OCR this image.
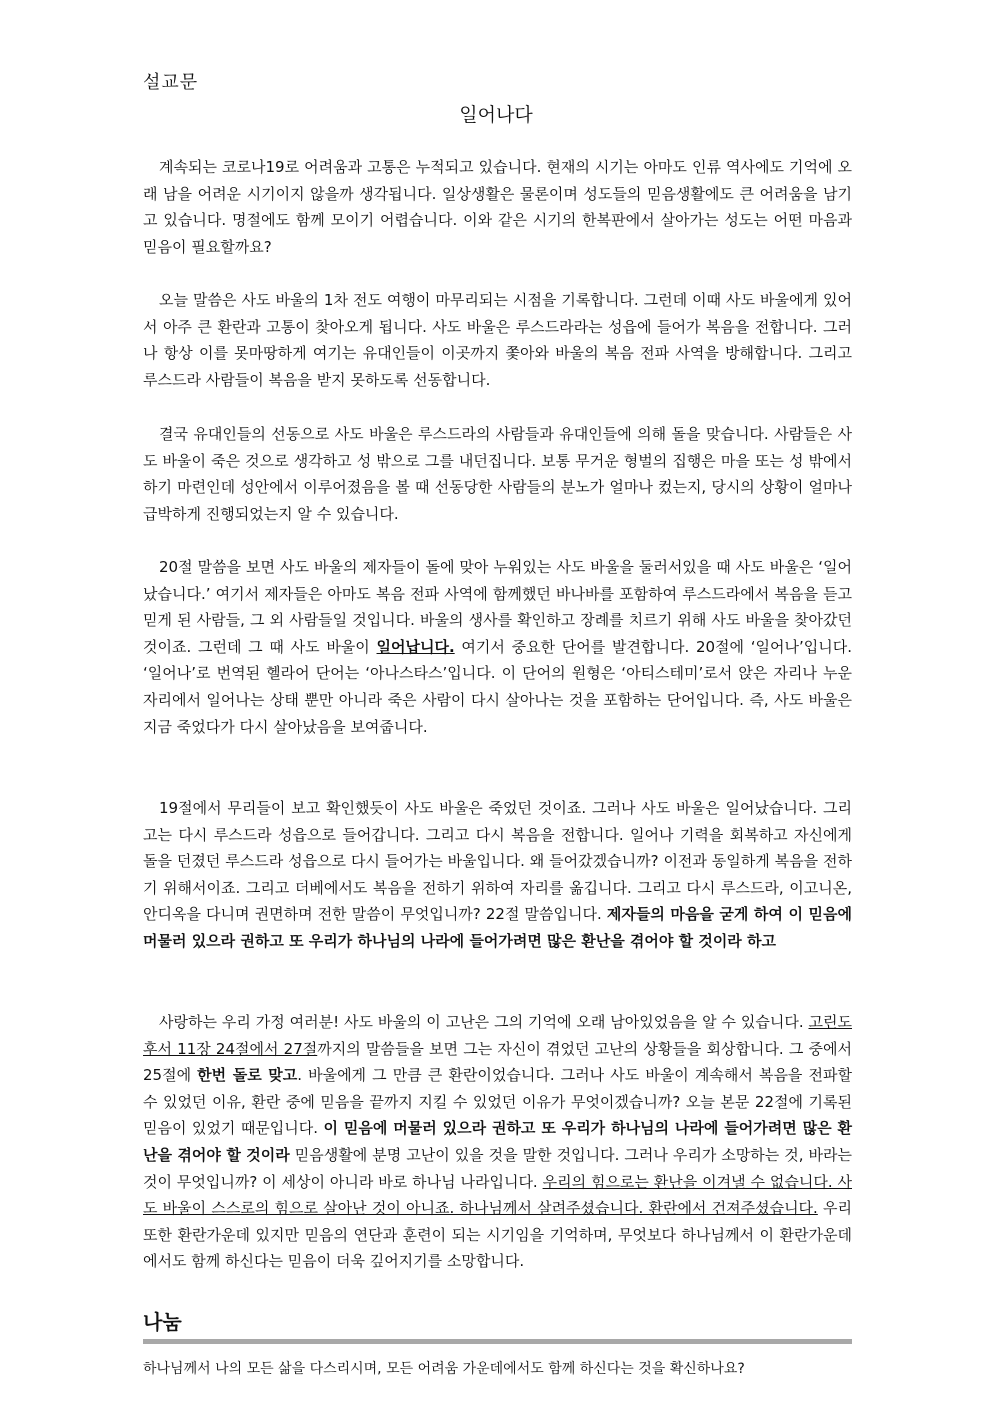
설교문
일어나다

계속되는 코로나19로 어려움과 고통은 누적되고 있습니다. 현재의 시기는 아마도 인류 역사에도 기억에 오래 남을 어려운 시기이지 않을까 생각됩니다. 일상생활은 물론이며 성도들의 믿음생활에도 큰 어려움을 남기고 있습니다. 명절에도 함께 모이기 어렵습니다. 이와 같은 시기의 한복판에서 살아가는 성도는 어떤 마음과 믿음이 필요할까요?

오늘 말씀은 사도 바울의 1차 전도 여행이 마무리되는 시점을 기록합니다. 그런데 이때 사도 바울에게 있어서 아주 큰 환란과 고통이 찾아오게 됩니다. 사도 바울은 루스드라라는 성읍에 들어가 복음을 전합니다. 그러나 항상 이를 못마땅하게 여기는 유대인들이 이곳까지 쫓아와 바울의 복음 전파 사역을 방해합니다. 그리고 루스드라 사람들이 복음을 받지 못하도록 선동합니다.

결국 유대인들의 선동으로 사도 바울은 루스드라의 사람들과 유대인들에 의해 돌을 맞습니다. 사람들은 사도 바울이 죽은 것으로 생각하고 성 밖으로 그를 내던집니다. 보통 무거운 형벌의 집행은 마을 또는 성 밖에서 하기 마련인데 성안에서 이루어졌음을 볼 때 선동당한 사람들의 분노가 얼마나 컸는지, 당시의 상황이 얼마나 급박하게 진행되었는지 알 수 있습니다.

20절 말씀을 보면 사도 바울의 제자들이 돌에 맞아 누워있는 사도 바울을 둘러서있을 때 사도 바울은 ‘일어났습니다.’ 여기서 제자들은 아마도 복음 전파 사역에 함께했던 바나바를 포함하여 루스드라에서 복음을 듣고 믿게 된 사람들, 그 외 사람들일 것입니다. 바울의 생사를 확인하고 장례를 치르기 위해 사도 바울을 찾아갔던 것이죠. 그런데 그 때 사도 바울이 일어납니다. 여기서 중요한 단어를 발견합니다. 20절에 ‘일어나’입니다. ‘일어나’로 번역된 헬라어 단어는 ‘아나스타스’입니다. 이 단어의 원형은 ‘아티스테미’로서 앉은 자리나 누운 자리에서 일어나는 상태 뿐만 아니라 죽은 사람이 다시 살아나는 것을 포함하는 단어입니다. 즉, 사도 바울은 지금 죽었다가 다시 살아났음을 보여줍니다.

19절에서 무리들이 보고 확인했듯이 사도 바울은 죽었던 것이죠. 그러나 사도 바울은 일어났습니다. 그리고는 다시 루스드라 성읍으로 들어갑니다. 그리고 다시 복음을 전합니다. 일어나 기력을 회복하고 자신에게 돌을 던졌던 루스드라 성읍으로 다시 들어가는 바울입니다. 왜 들어갔겠습니까? 이전과 동일하게 복음을 전하기 위해서이죠. 그리고 더베에서도 복음을 전하기 위하여 자리를 옮깁니다. 그리고 다시 루스드라, 이고니온, 안디옥을 다니며 권면하며 전한 말씀이 무엇입니까? 22절 말씀입니다. 제자들의 마음을 굳게 하여 이 믿음에 머물러 있으라 권하고 또 우리가 하나님의 나라에 들어가려면 많은 환난을 겪어야 할 것이라 하고

사랑하는 우리 가정 여러분! 사도 바울의 이 고난은 그의 기억에 오래 남아있었음을 알 수 있습니다. 고린도후서 11장 24절에서 27절까지의 말씀들을 보면 그는 자신이 겪었던 고난의 상황들을 회상합니다. 그 중에서 25절에 한번 돌로 맞고. 바울에게 그 만큼 큰 환란이었습니다. 그러나 사도 바울이 계속해서 복음을 전파할 수 있었던 이유, 환란 중에 믿음을 끝까지 지킬 수 있었던 이유가 무엇이겠습니까? 오늘 본문 22절에 기록된 믿음이 있었기 때문입니다. 이 믿음에 머물러 있으라 권하고 또 우리가 하나님의 나라에 들어가려면 많은 환난을 겪어야 할 것이라 믿음생활에 분명 고난이 있을 것을 말한 것입니다. 그러나 우리가 소망하는 것, 바라는 것이 무엇입니까? 이 세상이 아니라 바로 하나님 나라입니다. 우리의 힘으로는 환난을 이겨낼 수 없습니다. 사도 바울이 스스로의 힘으로 살아난 것이 아니죠. 하나님께서 살려주셨습니다. 환란에서 건져주셨습니다. 우리 또한 환란가운데 있지만 믿음의 연단과 훈련이 되는 시기임을 기억하며, 무엇보다 하나님께서 이 환란가운데에서도 함께 하신다는 믿음이 더욱 깊어지기를 소망합니다.

나눔
하나님께서 나의 모든 삶을 다스리시며, 모든 어려움 가운데에서도 함께 하신다는 것을 확신하나요?
